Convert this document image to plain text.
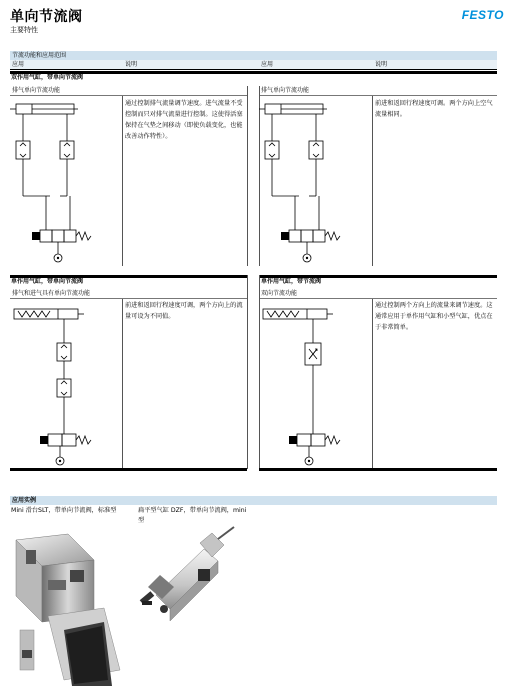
单向节流阀
主要特性
FESTO
节流功能和应用范围
应用	说明	应用	说明
双作用气缸，带单向节流阀
排气单向节流功能	排气单向节流功能
通过控制排气流量调节速度。进气流量不受控制而只对排气流量进行控制。这使得活塞保持在气垫之间移动（即使负载变化，也能改善动作特性）。
前进和返回行程速度可调。两个方向上空气流量相同。
单作用气缸，带单向节流阀	单作用气缸，带节流阀
排气和进气具有单向节流功能	双向节流功能
前进和返回行程速度可调，两个方向上的流量可设为不同值。
通过控制两个方向上的流量来调节速度。这通常应用于单作用气缸和小型气缸，优点在于非常简单。
应用实例
Mini 滑台SLT，带单向节流阀，标准型	扁平型气缸 DZF，带单向节流阀，mini型
